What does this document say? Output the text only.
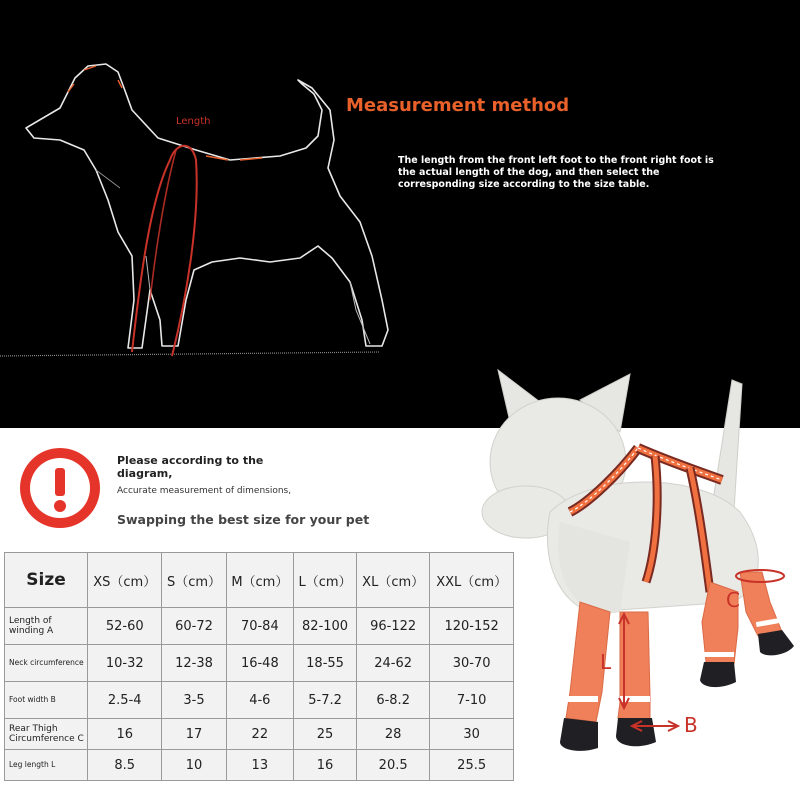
Length
Measurement method
The length from the front left foot to the front right foot is the actual length of the dog, and then select the corresponding size according to the size table.
Please according to the diagram,
Accurate measurement of dimensions,
Swapping the best size for your pet
Size	XS（cm）	S（cm）	M（cm）	L（cm）	XL（cm）	XXL（cm）
Length of winding A	52-60	60-72	70-84	82-100	96-122	120-152
Neck circumference	10-32	12-38	16-48	18-55	24-62	30-70
Foot width B	2.5-4	3-5	4-6	5-7.2	6-8.2	7-10
Rear Thigh Circumference C	16	17	22	25	28	30
Leg length L	8.5	10	13	16	20.5	25.5
L
B
C
